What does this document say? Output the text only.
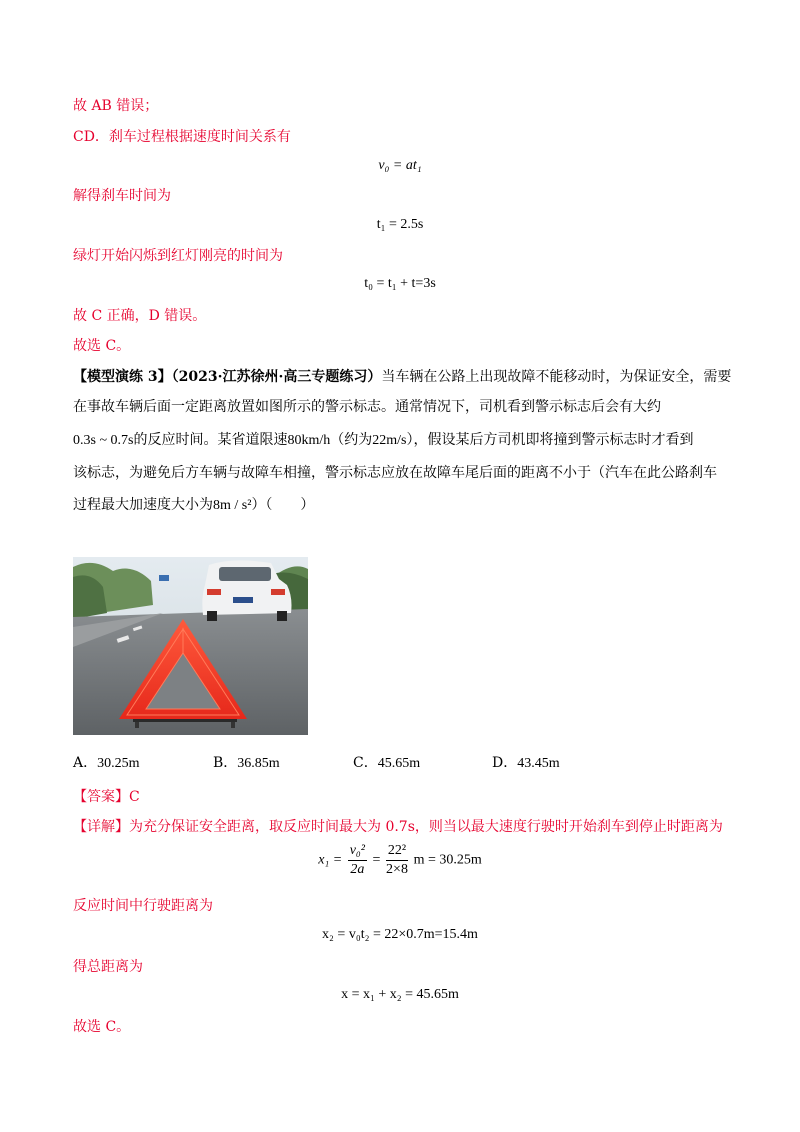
故 AB 错误；
CD．刹车过程根据速度时间关系有
v₀ = at₁
解得刹车时间为
t₁ = 2.5s
绿灯开始闪烁到红灯刚亮的时间为
t₀ = t₁ + t=3s
故 C 正确，D 错误。
故选 C。
【模型演练 3】（2023·江苏徐州·高三专题练习）当车辆在公路上出现故障不能移动时，为保证安全，需要
在事故车辆后面一定距离放置如图所示的警示标志。通常情况下，司机看到警示标志后会有大约
0.3s ~ 0.7s的反应时间。某省道限速80km/h（约为22m/s），假设某后方司机即将撞到警示标志时才看到
该标志，为避免后方车辆与故障车相撞，警示标志应放在故障车尾后面的距离不小于（汽车在此公路刹车
过程最大加速度大小为8m / s²）（　　）
A．30.25m	B．36.85m	C．45.65m	D．43.45m
【答案】C
【详解】为充分保证安全距离，取反应时间最大为 0.7s，则当以最大速度行驶时开始刹车到停止时距离为
$x_1 = \frac{\text{v₀²}}{2a} = \frac{\text{22²}}{2\times 8}$ m = 30.25m
反应时间中行驶距离为
x₂ = v₀t₂ = 22×0.7m=15.4m
得总距离为
x = x₁ + x₂ = 45.65m
故选 C。
